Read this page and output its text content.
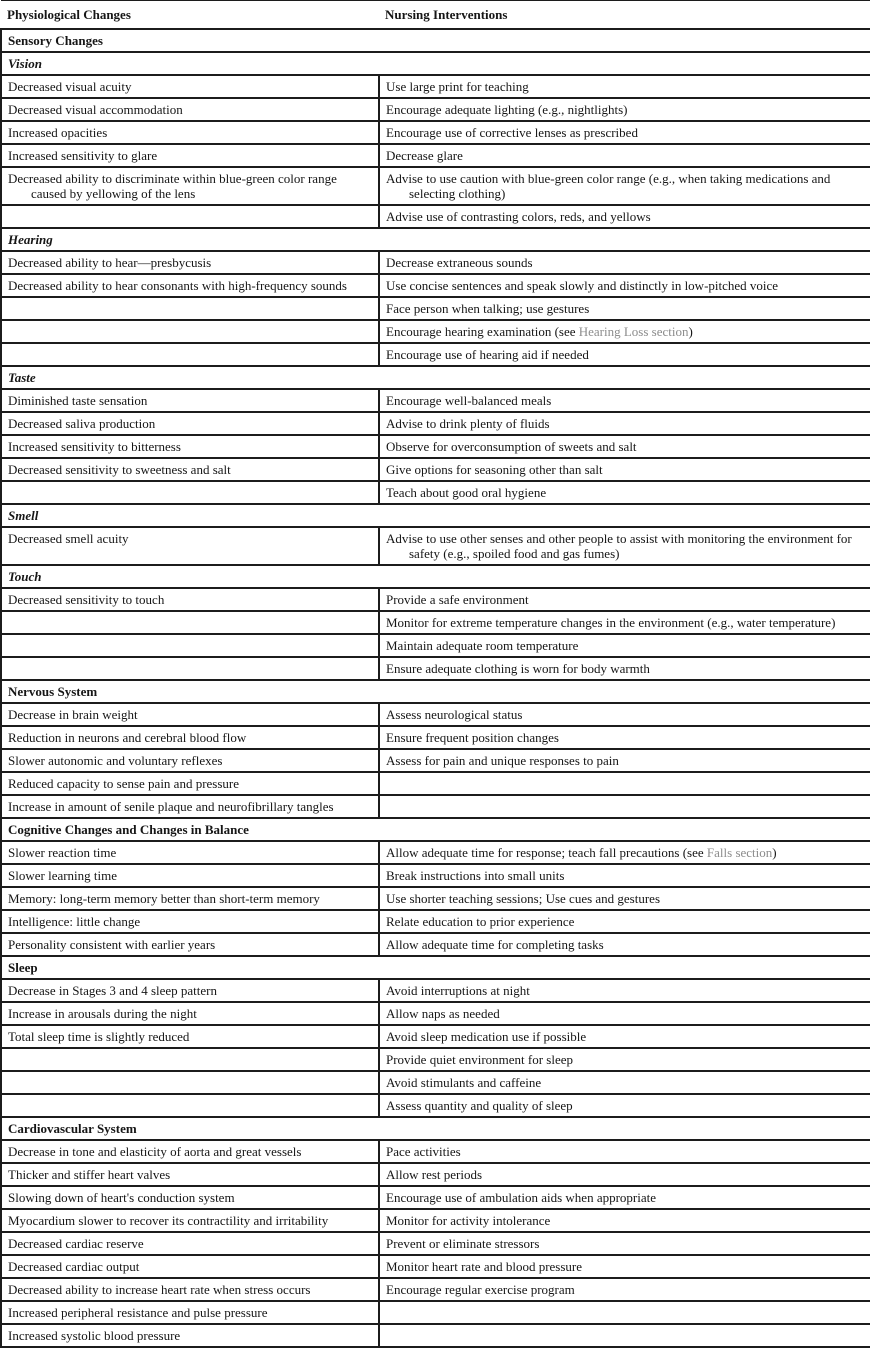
Physiological Changes	Nursing Interventions
Sensory Changes	
Vision	
Decreased visual acuity	Use large print for teaching
Decreased visual accommodation	Encourage adequate lighting (e.g., nightlights)
Increased opacities	Encourage use of corrective lenses as prescribed
Increased sensitivity to glare	Decrease glare
Decreased ability to discriminate within blue-green color range caused by yellowing of the lens	Advise to use caution with blue-green color range (e.g., when taking medications and selecting clothing)
	Advise use of contrasting colors, reds, and yellows
Hearing	
Decreased ability to hear—presbycusis	Decrease extraneous sounds
Decreased ability to hear consonants with high-frequency sounds	Use concise sentences and speak slowly and distinctly in low-pitched voice
	Face person when talking; use gestures
	Encourage hearing examination (see Hearing Loss section)
	Encourage use of hearing aid if needed
Taste	
Diminished taste sensation	Encourage well-balanced meals
Decreased saliva production	Advise to drink plenty of fluids
Increased sensitivity to bitterness	Observe for overconsumption of sweets and salt
Decreased sensitivity to sweetness and salt	Give options for seasoning other than salt
	Teach about good oral hygiene
Smell	
Decreased smell acuity	Advise to use other senses and other people to assist with monitoring the environment for safety (e.g., spoiled food and gas fumes)
Touch	
Decreased sensitivity to touch	Provide a safe environment
	Monitor for extreme temperature changes in the environment (e.g., water temperature)
	Maintain adequate room temperature
	Ensure adequate clothing is worn for body warmth
Nervous System	
Decrease in brain weight	Assess neurological status
Reduction in neurons and cerebral blood flow	Ensure frequent position changes
Slower autonomic and voluntary reflexes	Assess for pain and unique responses to pain
Reduced capacity to sense pain and pressure	
Increase in amount of senile plaque and neurofibrillary tangles	
Cognitive Changes and Changes in Balance	
Slower reaction time	Allow adequate time for response; teach fall precautions (see Falls section)
Slower learning time	Break instructions into small units
Memory: long-term memory better than short-term memory	Use shorter teaching sessions; Use cues and gestures
Intelligence: little change	Relate education to prior experience
Personality consistent with earlier years	Allow adequate time for completing tasks
Sleep	
Decrease in Stages 3 and 4 sleep pattern	Avoid interruptions at night
Increase in arousals during the night	Allow naps as needed
Total sleep time is slightly reduced	Avoid sleep medication use if possible
	Provide quiet environment for sleep
	Avoid stimulants and caffeine
	Assess quantity and quality of sleep
Cardiovascular System	
Decrease in tone and elasticity of aorta and great vessels	Pace activities
Thicker and stiffer heart valves	Allow rest periods
Slowing down of heart's conduction system	Encourage use of ambulation aids when appropriate
Myocardium slower to recover its contractility and irritability	Monitor for activity intolerance
Decreased cardiac reserve	Prevent or eliminate stressors
Decreased cardiac output	Monitor heart rate and blood pressure
Decreased ability to increase heart rate when stress occurs	Encourage regular exercise program
Increased peripheral resistance and pulse pressure	
Increased systolic blood pressure	
